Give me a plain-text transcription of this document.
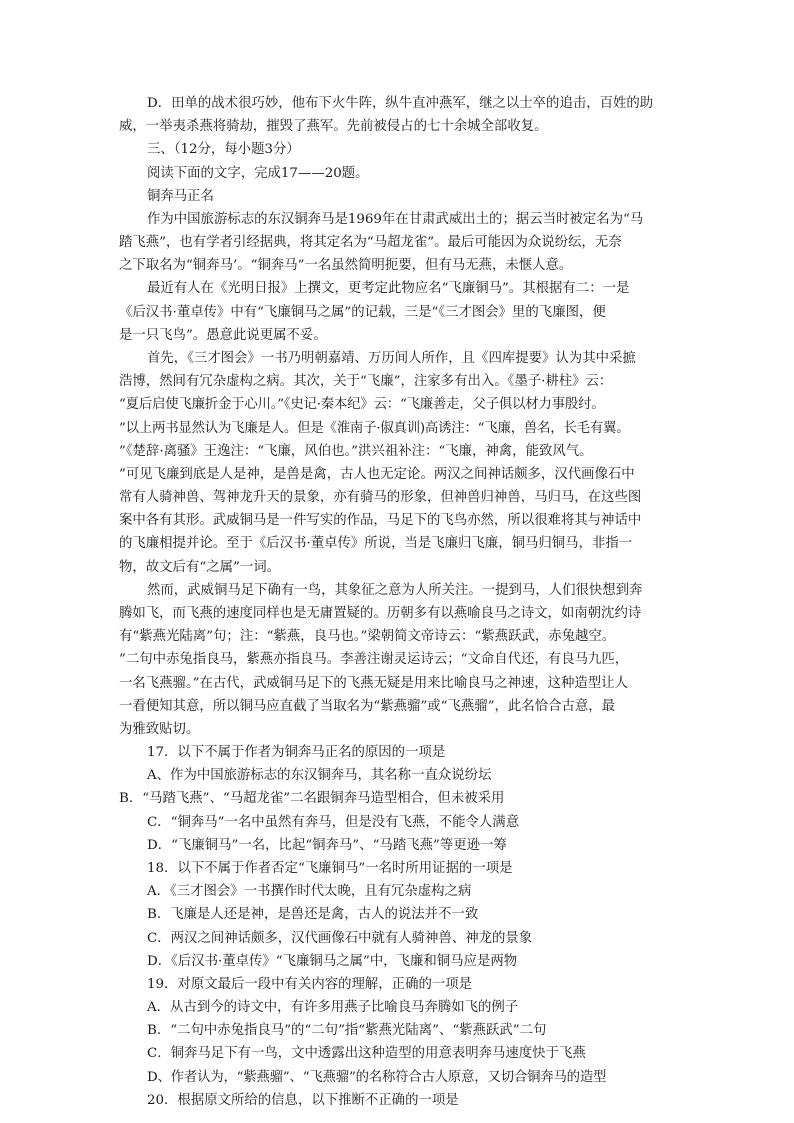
D．田单的战术很巧妙，他布下火牛阵，纵牛直冲燕军，继之以士卒的追击，百姓的助
威，一举夷杀燕将骑劫，摧毁了燕军。先前被侵占的七十余城全部收复。
三、（12分，每小题3分）
阅读下面的文字，完成17——20题。
铜奔马正名
作为中国旅游标志的东汉铜奔马是1969年在甘肃武威出土的；据云当时被定名为“马
踏飞燕”，也有学者引经据典，将其定名为“马超龙雀”。最后可能因为众说纷纭，无奈
之下取名为“铜奔马’。“铜奔马”一名虽然简明扼要，但有马无燕，未惬人意。
最近有人在《光明日报》上撰文，更考定此物应名“飞廉铜马”。其根据有二：一是
《后汉书·董卓传》中有“飞廉铜马之属”的记载，三是“《三才图会》里的飞廉图，便
是一只飞鸟”。愚意此说更属不妥。
首先，《三才图会》一书乃明朝嘉靖、万历间人所作，且《四库提要》认为其中采摭
浩博，然间有冗杂虚构之病。其次，关于“飞廉”，注家多有出入。《墨子·耕柱》云：
“夏后启使飞廉折金于心川。”《史记·秦本纪》云：“飞廉善走，父子俱以材力事殷纣。
”以上两书显然认为飞廉是人。但是《淮南子·俶真训)高诱注：“飞廉，兽名，长毛有翼。
”《楚辞·离骚》王逸注：“飞廉，风伯也。”洪兴祖补注：“飞廉，神禽，能致风气。
”可见飞廉到底是人是神，是兽是禽，古人也无定论。两汉之间神话颇多，汉代画像石中
常有人骑神兽、驾神龙升天的景象，亦有骑马的形象，但神兽归神兽，马归马，在这些图
案中各有其形。武威铜马是一件写实的作品，马足下的飞鸟亦然，所以很难将其与神话中
的飞廉相提并论。至于《后汉书·董卓传》所说，当是飞廉归飞廉，铜马归铜马，非指一
物，故文后有“之属”一词。
然而，武威铜马足下确有一鸟，其象征之意为人所关注。一提到马，人们很快想到奔
腾如飞，而飞燕的速度同样也是无庸置疑的。历朝多有以燕喻良马之诗文，如南朝沈约诗
有“紫燕光陆离”句；注：“紫燕，良马也。”梁朝简文帝诗云：“紫燕跃武，赤兔越空。
”二句中赤兔指良马，紫燕亦指良马。李善注谢灵运诗云；“文命自代还，有良马九匹，
一名飞燕骝。”在古代，武威铜马足下的飞燕无疑是用来比喻良马之神速，这种造型让人
一看便知其意，所以铜马应直截了当取名为“紫燕骝”或“飞燕骝”，此名恰合古意，最
为雅致贴切。
17．以下不属于作者为铜奔马正名的原因的一项是
A、作为中国旅游标志的东汉铜奔马，其名称一直众说纷坛
B．“马踏飞燕”、“马超龙雀”二名跟铜奔马造型相合，但未被采用
C．“铜奔马”一名中虽然有奔马，但是没有飞燕，不能令人满意
D．“飞廉铜马”一名，比起“铜奔马”、“马踏飞燕”等更逊一筹
18．以下不属于作者否定“飞廉铜马”一名时所用证据的一项是
A．《三才图会》一书撰作时代太晚，且有冗杂虚构之病
B．飞廉是人还是神，是兽还是禽，古人的说法并不一致
C．两汉之间神话颇多，汉代画像石中就有人骑神兽、神龙的景象
D．《后汉书·董卓传》“飞廉铜马之属”中，飞廉和铜马应是两物
19．对原文最后一段中有关内容的理解，正确的一项是
A．从古到今的诗文中，有许多用燕子比喻良马奔腾如飞的例子
B．“二句中赤兔指良马”的“二句”指“紫燕光陆离”、“紫燕跃武”二句
C．铜奔马足下有一鸟，文中透露出这种造型的用意表明奔马速度快于飞燕
D、作者认为，“紫燕骝”、“飞燕骝”的名称符合古人原意，又切合铜奔马的造型
20．根据原文所给的信息，以下推断不正确的一项是
